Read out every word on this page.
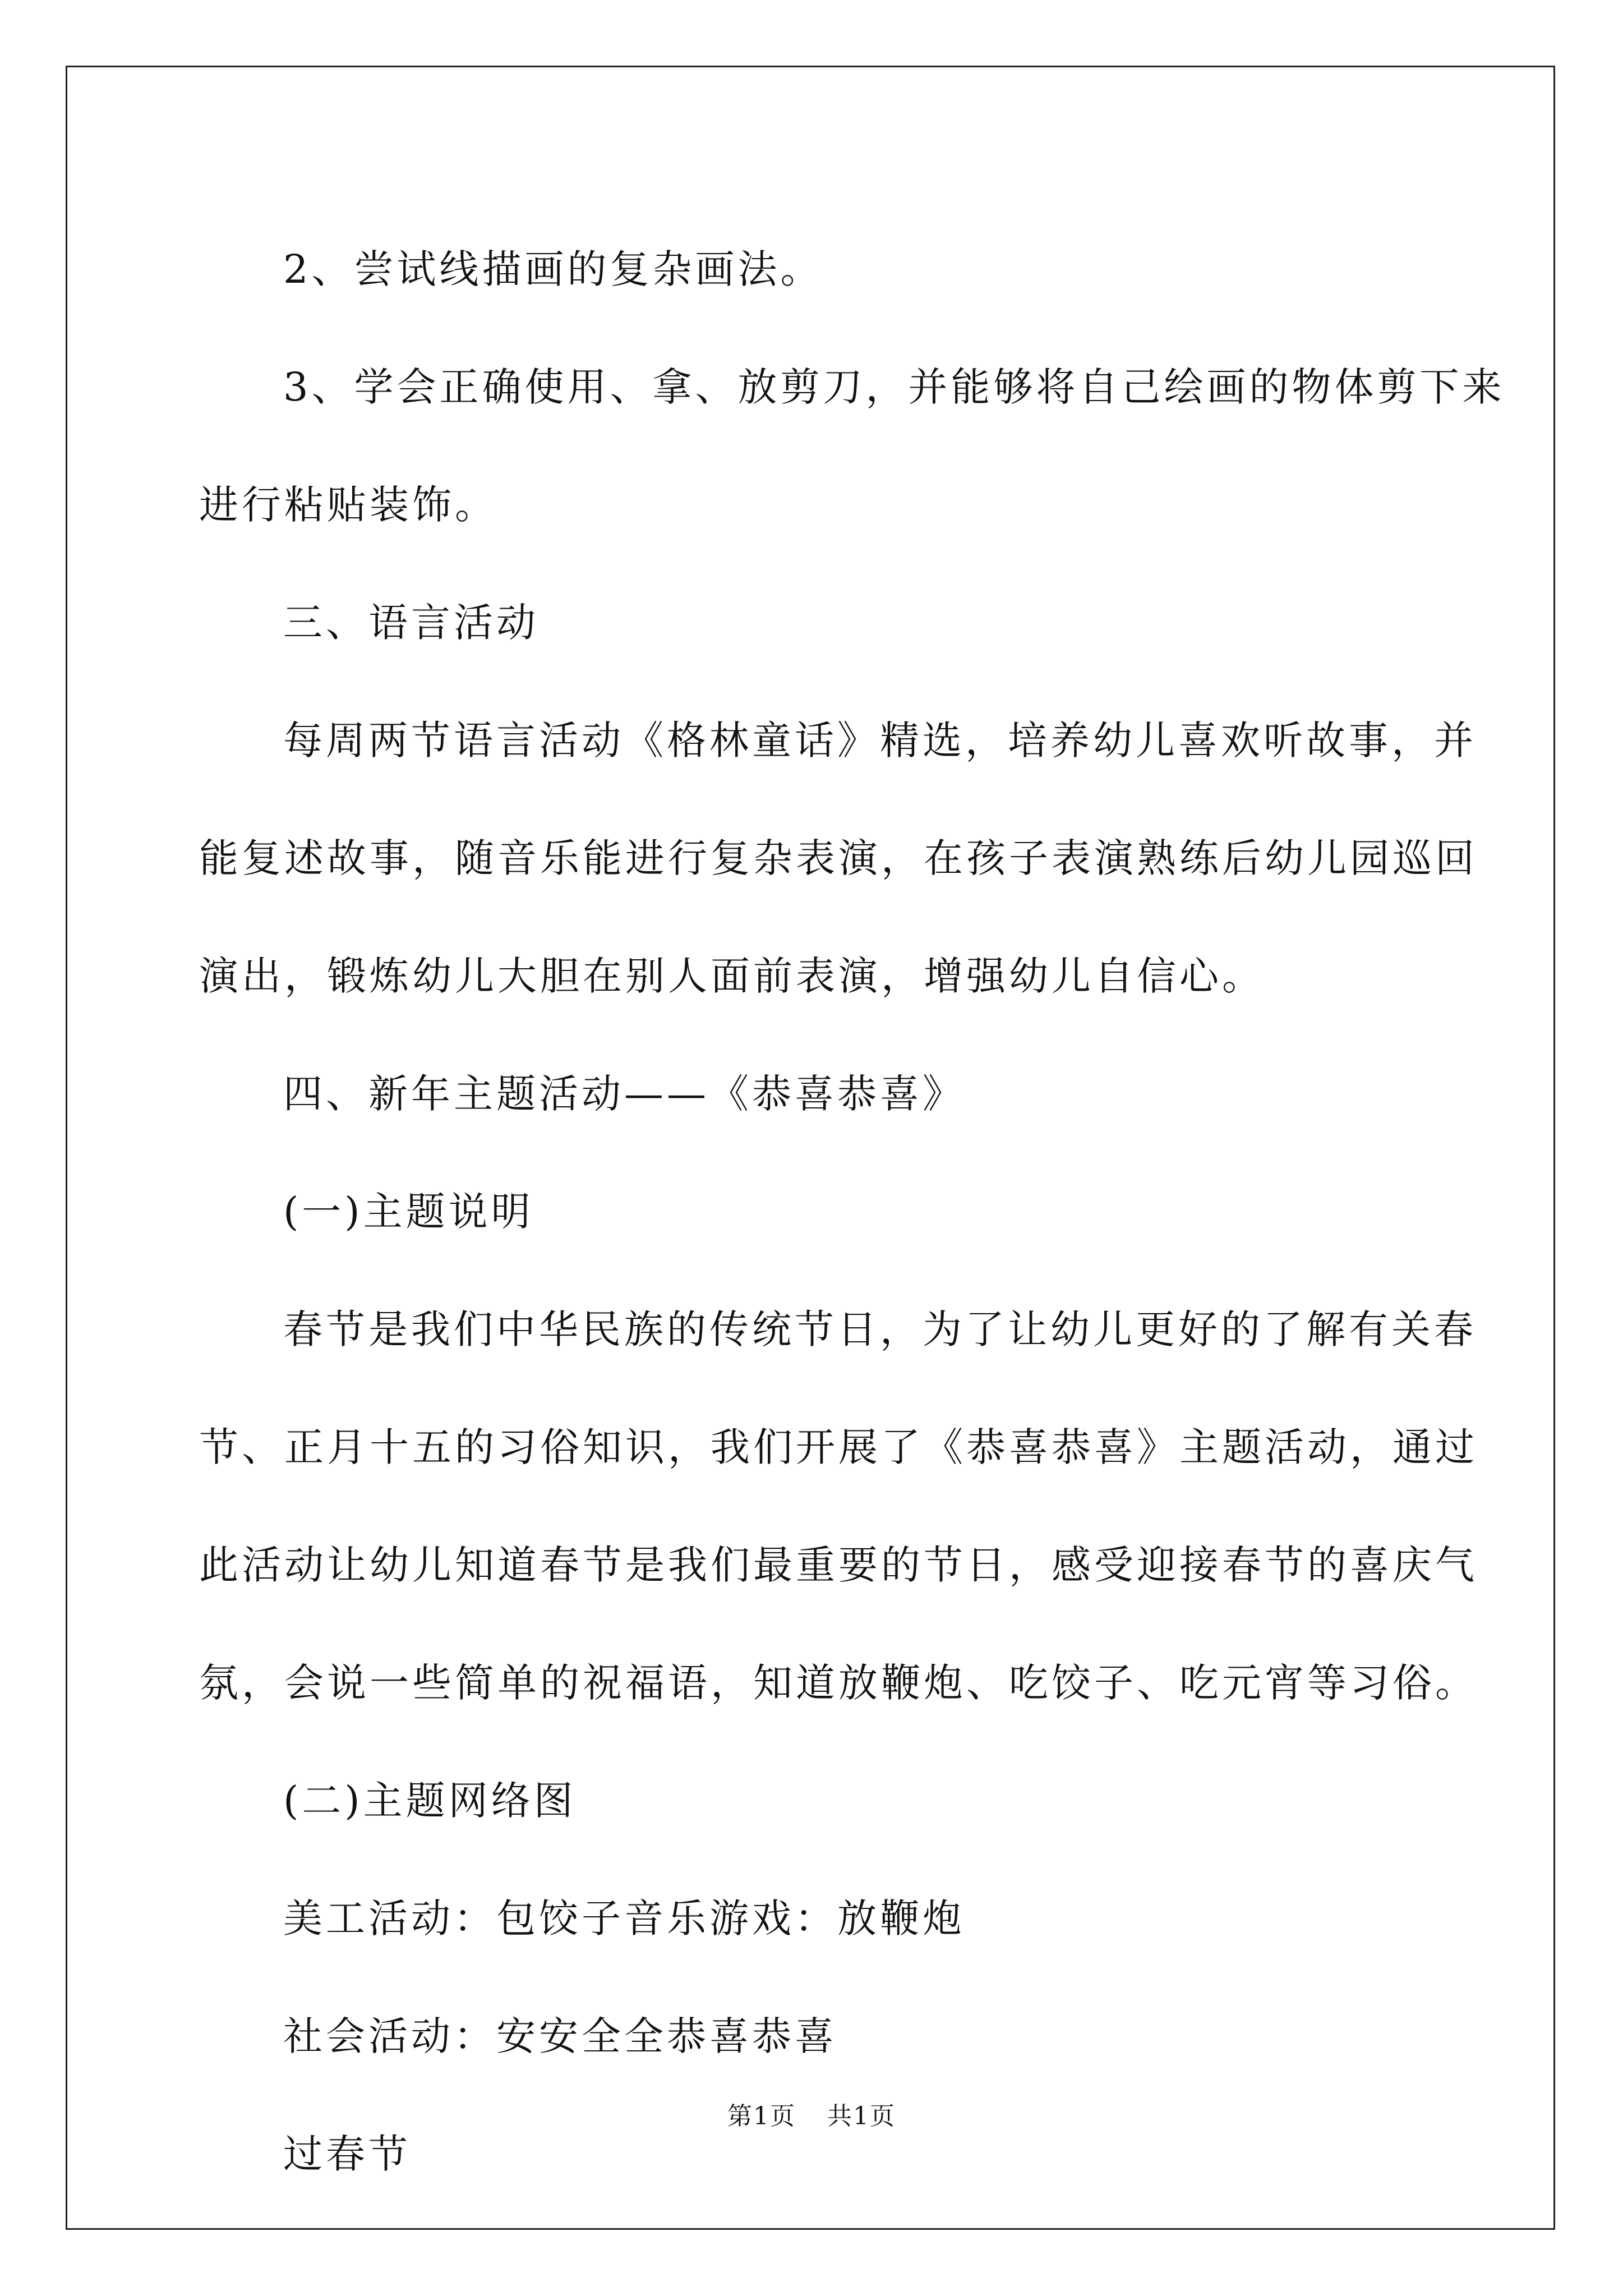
2、尝试线描画的复杂画法。

3、学会正确使用、拿、放剪刀，并能够将自己绘画的物体剪下来

进行粘贴装饰。

三、语言活动

每周两节语言活动《格林童话》精选，培养幼儿喜欢听故事，并

能复述故事，随音乐能进行复杂表演，在孩子表演熟练后幼儿园巡回

演出，锻炼幼儿大胆在别人面前表演，增强幼儿自信心。

四、新年主题活动——《恭喜恭喜》

(一)主题说明

春节是我们中华民族的传统节日，为了让幼儿更好的了解有关春

节、正月十五的习俗知识，我们开展了《恭喜恭喜》主题活动，通过

此活动让幼儿知道春节是我们最重要的节日，感受迎接春节的喜庆气

氛，会说一些简单的祝福语，知道放鞭炮、吃饺子、吃元宵等习俗。

(二)主题网络图

美工活动：包饺子音乐游戏：放鞭炮

社会活动：安安全全恭喜恭喜

过春节

第1页 共1页
